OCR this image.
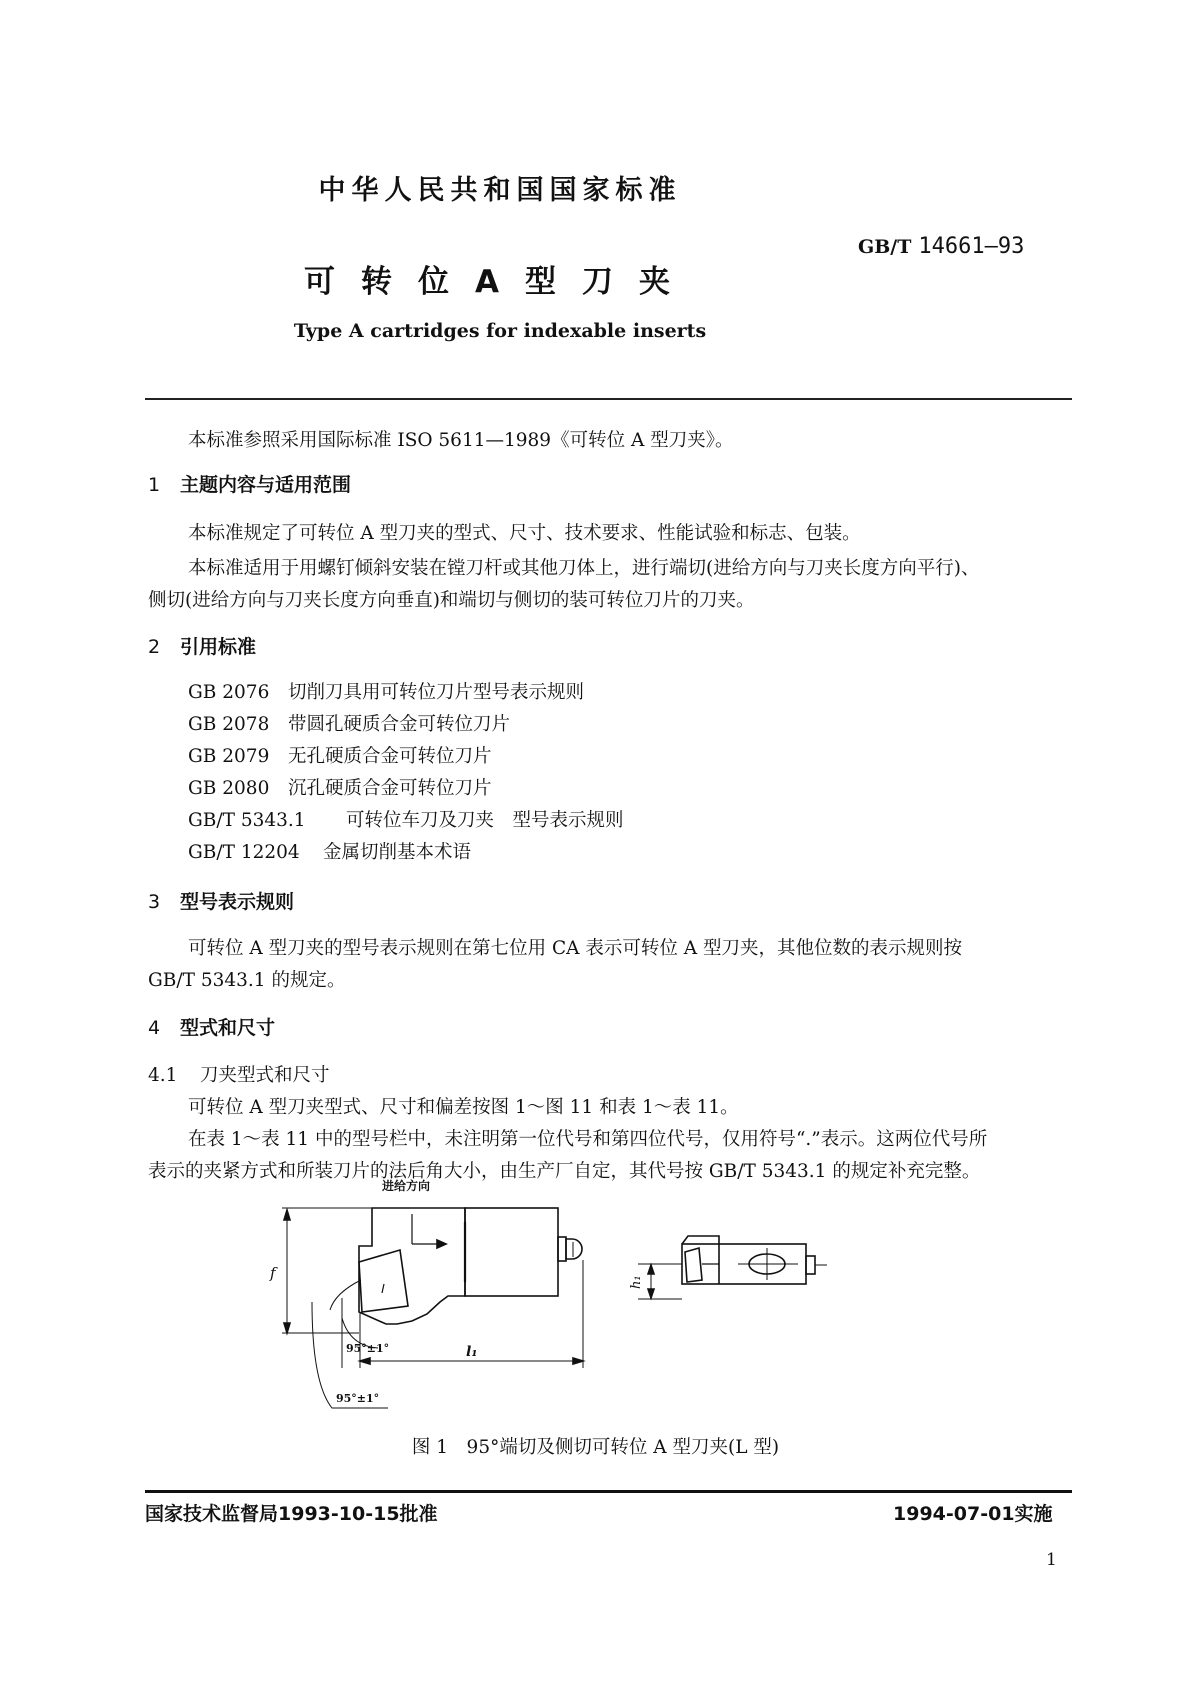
中华人民共和国国家标准
GB/T 14661—93
可转位A型刀夹
Type A cartridges for indexable inserts
本标准参照采用国际标准 ISO 5611—1989《可转位 A 型刀夹》。
1 主题内容与适用范围
本标准规定了可转位 A 型刀夹的型式、尺寸、技术要求、性能试验和标志、包装。
本标准适用于用螺钉倾斜安装在镗刀杆或其他刀体上，进行端切(进给方向与刀夹长度方向平行)、
侧切(进给方向与刀夹长度方向垂直)和端切与侧切的装可转位刀片的刀夹。
2 引用标准
GB 2076 切削刀具用可转位刀片型号表示规则
GB 2078 带圆孔硬质合金可转位刀片
GB 2079 无孔硬质合金可转位刀片
GB 2080 沉孔硬质合金可转位刀片
GB/T 5343.1 可转位车刀及刀夹　型号表示规则
GB/T 12204 金属切削基本术语
3 型号表示规则
可转位 A 型刀夹的型号表示规则在第七位用 CA 表示可转位 A 型刀夹，其他位数的表示规则按
GB/T 5343.1 的规定。
4 型式和尺寸
4.1 刀夹型式和尺寸
可转位 A 型刀夹型式、尺寸和偏差按图 1～图 11 和表 1～表 11。
在表 1～表 11 中的型号栏中，未注明第一位代号和第四位代号，仅用符号“.”表示。这两位代号所
表示的夹紧方式和所装刀片的法后角大小，由生产厂自定，其代号按 GB/T 5343.1 的规定补充完整。
进给方向
f
l₁
h₁
95°±1°
95°±1°
图 1　95°端切及侧切可转位 A 型刀夹(L 型)
国家技术监督局1993-10-15批准	1994-07-01实施
1
